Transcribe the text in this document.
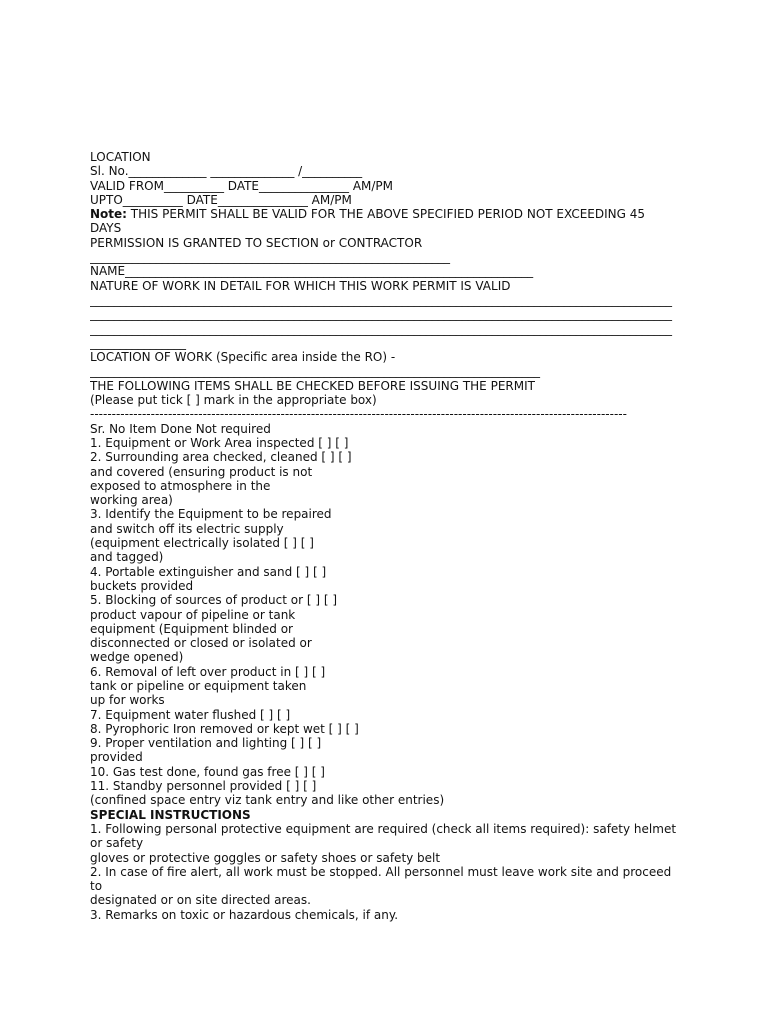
LOCATION
Sl. No._____________ ______________ /__________
VALID FROM__________ DATE_______________ AM/PM
UPTO__________ DATE_______________ AM/PM
Note: THIS PERMIT SHALL BE VALID FOR THE ABOVE SPECIFIED PERIOD NOT EXCEEDING 45
DAYS
PERMISSION IS GRANTED TO SECTION or CONTRACTOR
____________________________________________________________
NAME____________________________________________________________________
NATURE OF WORK IN DETAIL FOR WHICH THIS WORK PERMIT IS VALID
_________________________________________________________________________________________________
_________________________________________________________________________________________________
_________________________________________________________________________________________________
________________
LOCATION OF WORK (Specific area inside the RO) -
___________________________________________________________________________
THE FOLLOWING ITEMS SHALL BE CHECKED BEFORE ISSUING THE PERMIT
(Please put tick [ ] mark in the appropriate box)
----------------------------------------------------------------------------------------------------------------------------
Sr. No Item Done Not required
1. Equipment or Work Area inspected [ ] [ ]
2. Surrounding area checked, cleaned [ ] [ ]
and covered (ensuring product is not
exposed to atmosphere in the
working area)
3. Identify the Equipment to be repaired
and switch off its electric supply
(equipment electrically isolated [ ] [ ]
and tagged)
4. Portable extinguisher and sand [ ] [ ]
buckets provided
5. Blocking of sources of product or [ ] [ ]
product vapour of pipeline or tank
equipment (Equipment blinded or
disconnected or closed or isolated or
wedge opened)
6. Removal of left over product in [ ] [ ]
tank or pipeline or equipment taken
up for works
7. Equipment water flushed [ ] [ ]
8. Pyrophoric Iron removed or kept wet [ ] [ ]
9. Proper ventilation and lighting [ ] [ ]
provided
10. Gas test done, found gas free [ ] [ ]
11. Standby personnel provided [ ] [ ]
(confined space entry viz tank entry and like other entries)
SPECIAL INSTRUCTIONS
1. Following personal protective equipment are required (check all items required): safety helmet
or safety
gloves or protective goggles or safety shoes or safety belt
2. In case of fire alert, all work must be stopped. All personnel must leave work site and proceed
to
designated or on site directed areas.
3. Remarks on toxic or hazardous chemicals, if any.
